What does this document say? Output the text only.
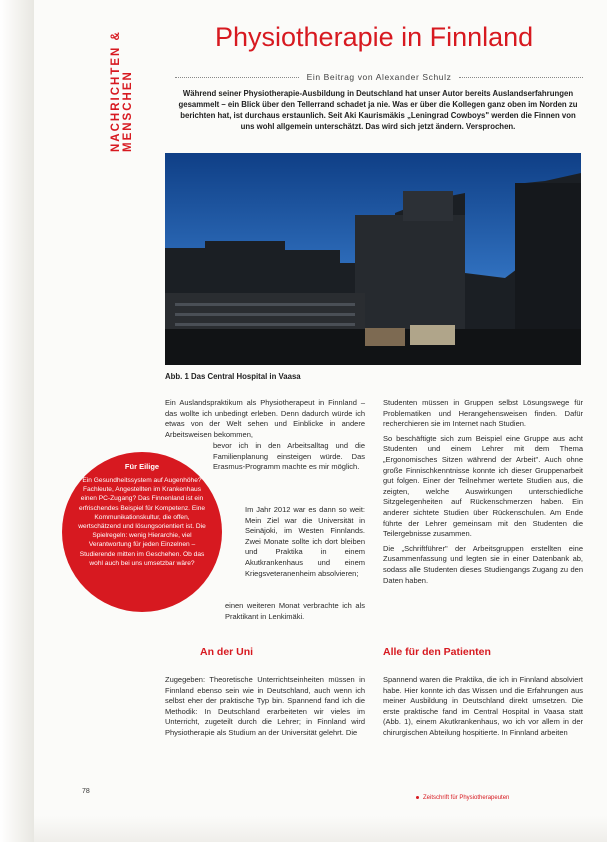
NACHRICHTEN & MENSCHEN
Physiotherapie in Finnland
Ein Beitrag von Alexander Schulz
Während seiner Physiotherapie-Ausbildung in Deutschland hat unser Autor bereits Auslandserfahrungen gesammelt – ein Blick über den Tellerrand schadet ja nie. Was er über die Kollegen ganz oben im Norden zu berichten hat, ist durchaus erstaunlich. Seit Aki Kaurismäkis „Leningrad Cowboys" werden die Finnen von uns wohl allgemein unterschätzt. Das wird sich jetzt ändern. Versprochen.
Abb. 1 Das Central Hospital in Vaasa

Ein Auslandspraktikum als Physiotherapeut in Finnland – das wollte ich unbedingt erleben. Denn dadurch würde ich etwas von der Welt sehen und Einblicke in andere Arbeitsweisen bekommen,

bevor ich in den Arbeitsalltag und die Familienplanung einsteigen würde. Das Erasmus-Programm machte es mir möglich.
Im Jahr 2012 war es dann so weit: Mein Ziel war die Universität in Seinäjoki, im Westen Finnlands. Zwei Monate sollte ich dort bleiben und Praktika in einem Akutkrankenhaus und einem Kriegsveteranenheim absolvieren;
einen weiteren Monat verbrachte ich als Praktikant in Lenkimäki.
Für Eilige
Ein Gesundheitssystem auf Augenhöhe? Fachleute, Angestellten im Krankenhaus einen PC-Zugang? Das Finnenland ist ein erfrischendes Beispiel für Kompetenz. Eine Kommunikationskultur, die offen, wertschätzend und lösungsorientiert ist. Die Spielregeln: wenig Hierarchie, viel Verantwortung für jeden Einzelnen – Studierende mitten im Geschehen. Ob das wohl auch bei uns umsetzbar wäre?

Studenten müssen in Gruppen selbst Lösungswege für Problematiken und Herangehensweisen finden. Dafür recherchieren sie im Internet nach Studien.

So beschäftigte sich zum Beispiel eine Gruppe aus acht Studenten und einem Lehrer mit dem Thema „Ergonomisches Sitzen während der Arbeit". Auch ohne große Finnischkenntnisse konnte ich dieser Gruppenarbeit gut folgen. Einer der Teilnehmer wertete Studien aus, die zeigten, welche Auswirkungen unterschiedliche Sitzgelegenheiten auf Rückenschmerzen haben. Ein anderer sichtete Studien über Rückenschulen. Am Ende führte der Lehrer gemeinsam mit den Studenten die Teilergebnisse zusammen.

Die „Schriftführer" der Arbeitsgruppen erstellten eine Zusammenfassung und legten sie in einer Datenbank ab, sodass alle Studenten dieses Studiengangs Zugang zu den Daten haben.

An der Uni	Alle für den Patienten
Zugegeben: Theoretische Unterrichtseinheiten müssen in Finnland ebenso sein wie in Deutschland, auch wenn ich selbst eher der praktische Typ bin. Spannend fand ich die Methodik: In Deutschland erarbeiteten wir vieles im Unterricht, zugeteilt durch die Lehrer; in Finnland wird Physiotherapie als Studium an der Universität gelehrt. Die
Spannend waren die Praktika, die ich in Finnland absolviert habe. Hier konnte ich das Wissen und die Erfahrungen aus meiner Ausbildung in Deutschland direkt umsetzen. Die erste praktische fand im Central Hospital in Vaasa statt (Abb. 1), einem Akutkrankenhaus, wo ich vor allem in der chirurgischen Abteilung hospitierte. In Finnland arbeiten
78
Zeitschrift für Physiotherapeuten
